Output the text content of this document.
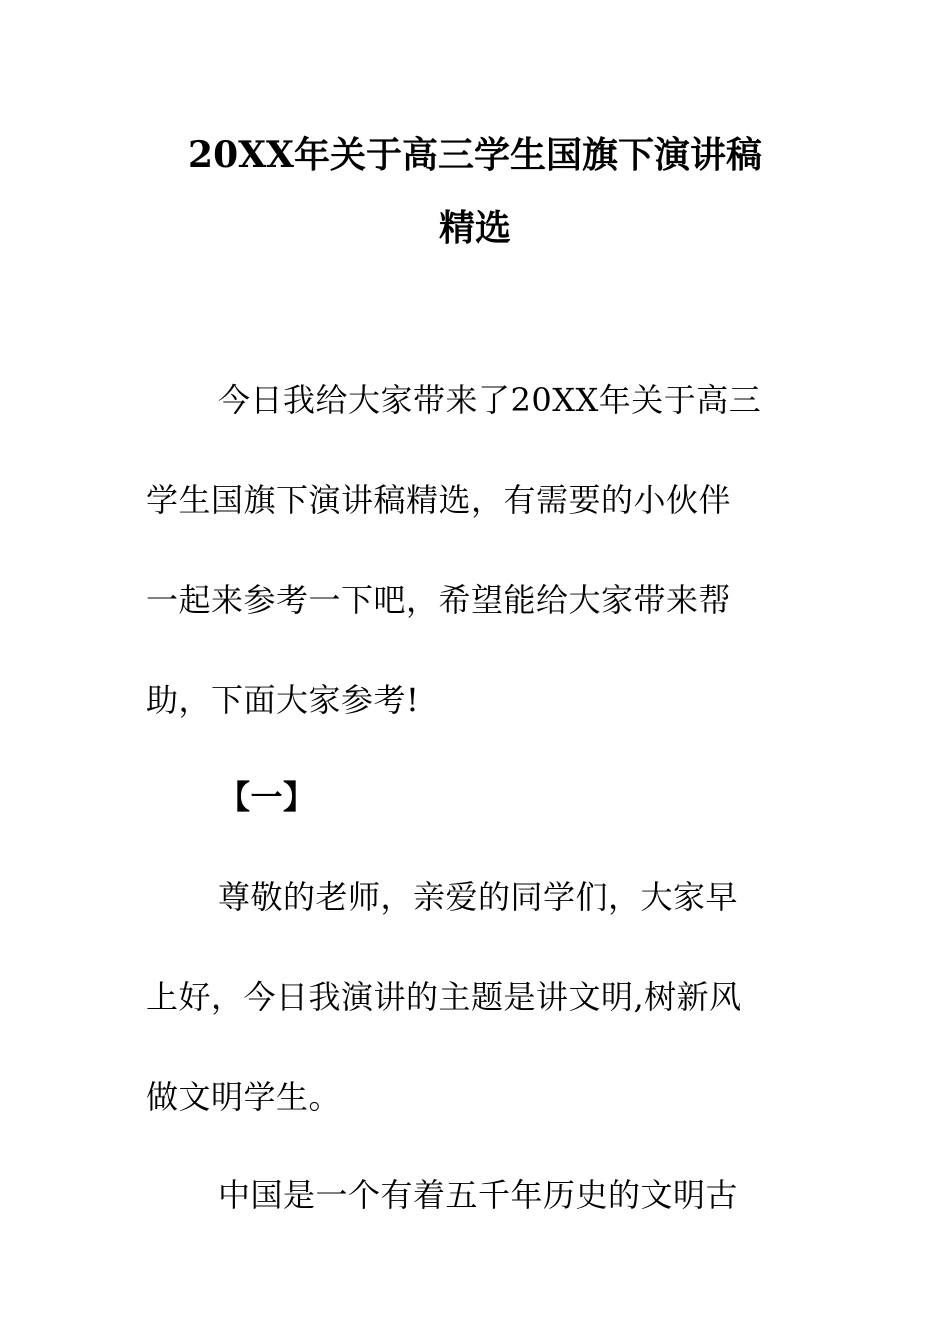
20XX年关于高三学生国旗下演讲稿
精选
今日我给大家带来了20XX年关于高三
学生国旗下演讲稿精选，有需要的小伙伴
一起来参考一下吧，希望能给大家带来帮
助，下面大家参考!
【一】
尊敬的老师，亲爱的同学们，大家早
上好，今日我演讲的主题是讲文明,树新风
做文明学生。
中国是一个有着五千年历史的文明古
